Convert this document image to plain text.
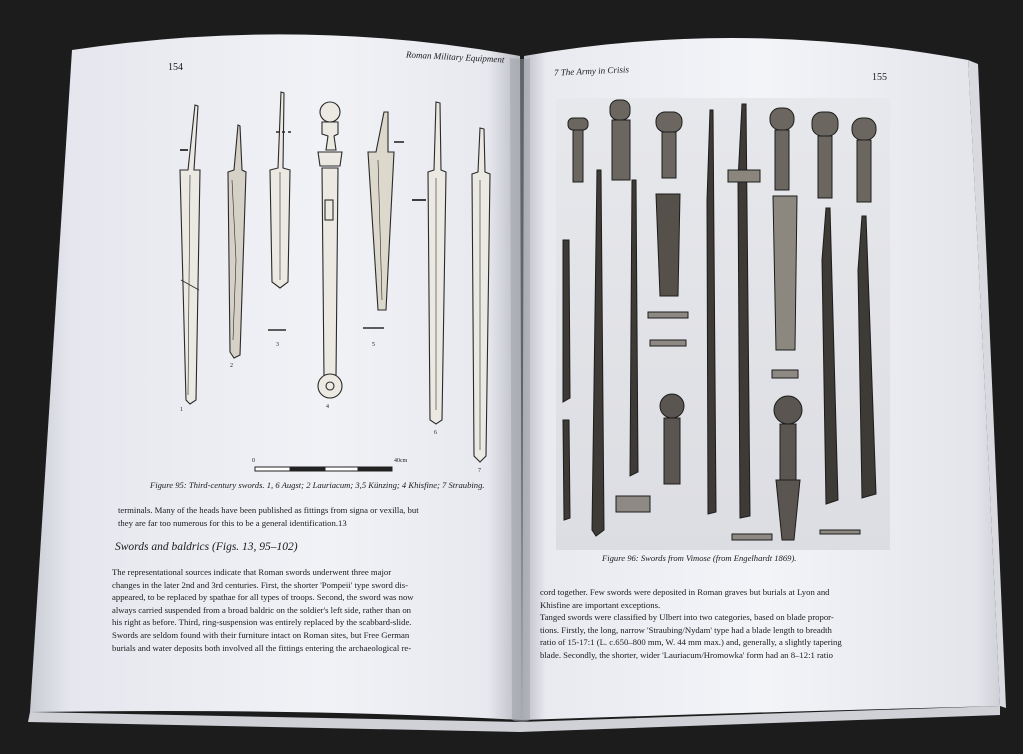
154
Roman Military Equipment
1
2
3
4
5
6
7
0	40cm
Figure 95: Third-century swords. 1, 6 Augst; 2 Lauriacum; 3,5 Künzing; 4 Khisfine; 7 Straubing.
terminals. Many of the heads have been published as fittings from signa or vexilla, but
they are far too numerous for this to be a general identification.13
Swords and baldrics (Figs. 13, 95–102)
The representational sources indicate that Roman swords underwent three major
changes in the later 2nd and 3rd centuries. First, the shorter 'Pompeii' type sword dis-
appeared, to be replaced by spathae for all types of troops. Second, the sword was now
always carried suspended from a broad baldric on the soldier's left side, rather than on
his right as before. Third, ring-suspension was entirely replaced by the scabbard-slide.
Swords are seldom found with their furniture intact on Roman sites, but Free German
burials and water deposits both involved all the fittings entering the archaeological re-
7 The Army in Crisis	155
Figure 96: Swords from Vimose (from Engelhardt 1869).
cord together. Few swords were deposited in Roman graves but burials at Lyon and
Khisfine are important exceptions.
Tanged swords were classified by Ulbert into two categories, based on blade propor-
tions. Firstly, the long, narrow 'Straubing/Nydam' type had a blade length to breadth
ratio of 15-17:1 (L. c.650–800 mm, W. 44 mm max.) and, generally, a slightly tapering
blade. Secondly, the shorter, wider 'Lauriacum/Hromowka' form had an 8–12:1 ratio
